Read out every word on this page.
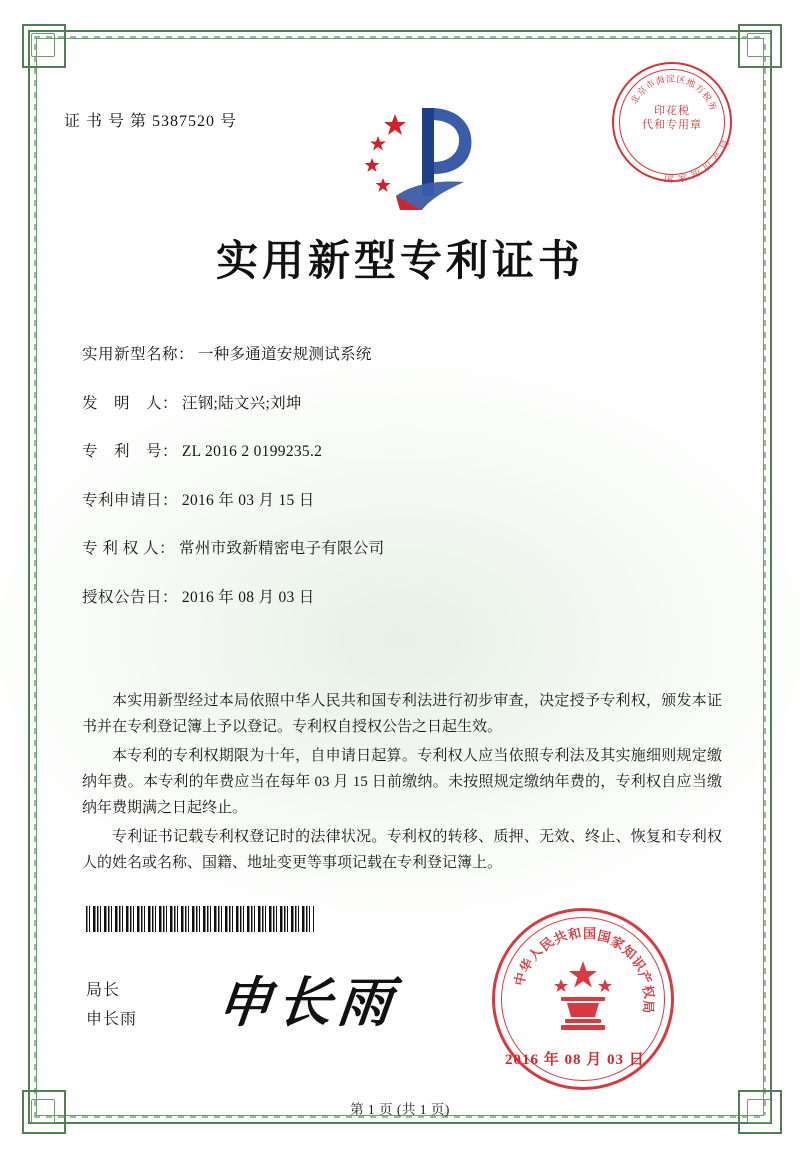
证 书 号 第 5387520 号
北
京
市
海 淀 区 地
方
税
务
局
产
识
知
家
国
印花税
代和专用章
实用新型专利证书
实用新型名称： 一种多通道安规测试系统
发　明　人： 汪钢;陆文兴;刘坤
专　利　号： ZL 2016 2 0199235.2
专利申请日： 2016 年 03 月 15 日
专 利 权 人： 常州市致新精密电子有限公司
授权公告日： 2016 年 08 月 03 日

本实用新型经过本局依照中华人民共和国专利法进行初步审查，决定授予专利权，颁发本证书并在专利登记簿上予以登记。专利权自授权公告之日起生效。

本专利的专利权期限为十年，自申请日起算。专利权人应当依照专利法及其实施细则规定缴纳年费。本专利的年费应当在每年 03 月 15 日前缴纳。未按照规定缴纳年费的，专利权自应当缴纳年费期满之日起终止。

专利证书记载专利权登记时的法律状况。专利权的转移、质押、无效、终止、恢复和专利权人的姓名或名称、国籍、地址变更等事项记载在专利登记簿上。

局长
申长雨 申长雨	中
华
人
民
共
和 国 国
家
知
识
产
权
局
2016 年 08 月 03 日
第 1 页 (共 1 页)
